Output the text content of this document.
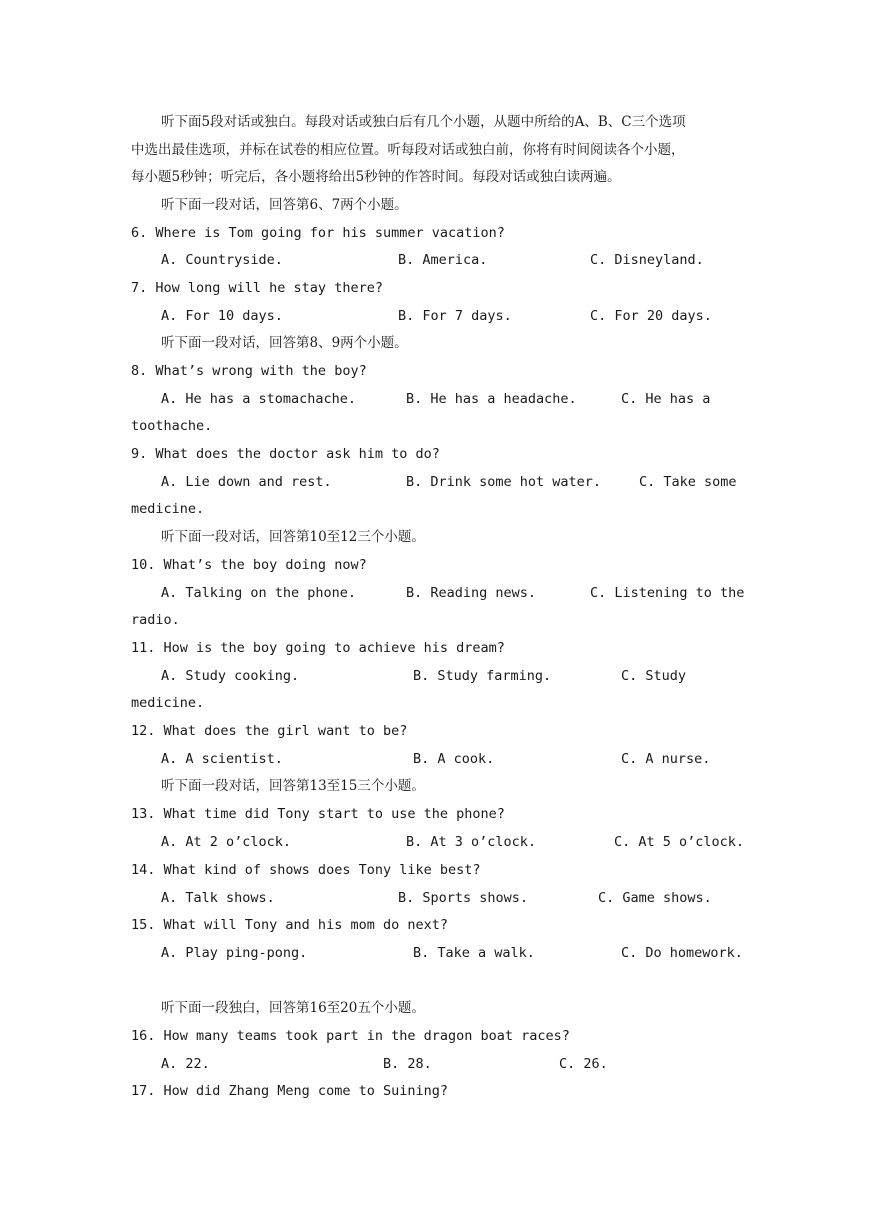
听下面5段对话或独白。每段对话或独白后有几个小题，从题中所给的A、B、C三个选项
中选出最佳选项，并标在试卷的相应位置。听每段对话或独白前，你将有时间阅读各个小题，
每小题5秒钟；听完后，各小题将给出5秒钟的作答时间。每段对话或独白读两遍。
听下面一段对话，回答第6、7两个小题。
6. Where is Tom going for his summer vacation?
A. Countryside.	B. America.	C. Disneyland.
7. How long will he stay there?
A. For 10 days.	B. For 7 days.	C. For 20 days.
听下面一段对话，回答第8、9两个小题。
8. What’s wrong with the boy?
A. He has a stomachache.	B. He has a headache.	C. He has a
toothache.
9. What does the doctor ask him to do?
A. Lie down and rest.	B. Drink some hot water.	C. Take some
medicine.
听下面一段对话，回答第10至12三个小题。
10. What’s the boy doing now?
A. Talking on the phone.	B. Reading news.	C. Listening to the
radio.
11. How is the boy going to achieve his dream?
A. Study cooking.	B. Study farming.	C. Study
medicine.
12. What does the girl want to be?
A. A scientist.	B. A cook.	C. A nurse.
听下面一段对话，回答第13至15三个小题。
13. What time did Tony start to use the phone?
A. At 2 o’clock.	B. At 3 o’clock.	C. At 5 o’clock.
14. What kind of shows does Tony like best?
A. Talk shows.	B. Sports shows.	C. Game shows.
15. What will Tony and his mom do next?
A. Play ping-pong.	B. Take a walk.	C. Do homework.
听下面一段独白，回答第16至20五个小题。
16. How many teams took part in the dragon boat races?
A. 22.	B. 28.	C. 26.
17. How did Zhang Meng come to Suining?
